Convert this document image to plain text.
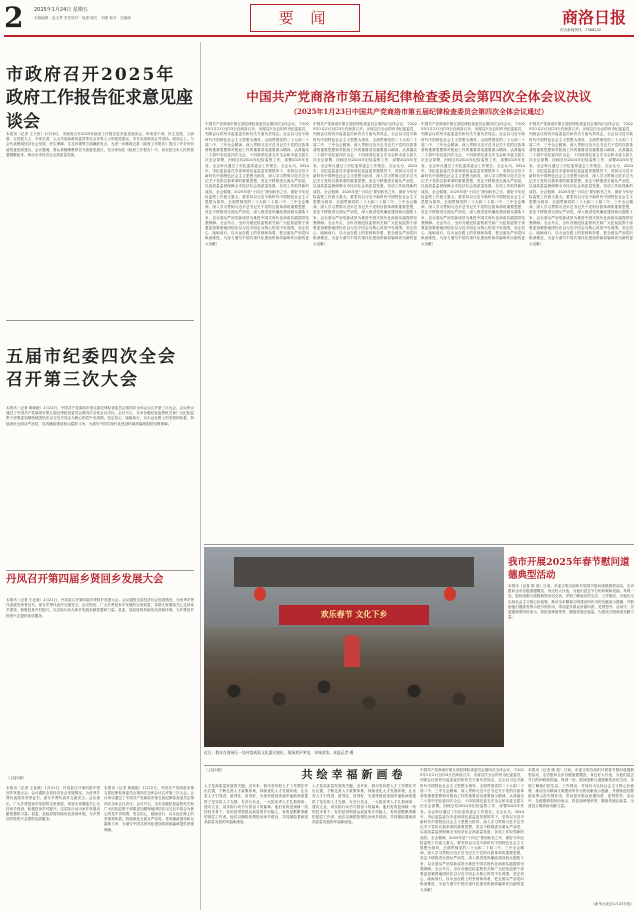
2 2025年1月24日 星期五
本版编辑：赵玉琴 责任校对：杨建 版式：刘翠 校对：宫丽丽	要 闻	商洛日报
综合新闻热线：2388232
市政府召开2025年
政府工作报告征求意见座谈会
本报讯（记者 王天形）1月20日，市政府召开2025年政府工作报告征求意见座谈会，听取老干部、民主党派、工商联、无党派人士、专家学者、人大代表和政协委员等社会各界人士的意见建议。市长出席座谈会并讲话。座谈会上，与会代表围绕经济社会发展、民生保障、生态环境等方面踊跃发言，为进一步修改完善《政府工作报告》提出了许多有价值的意见和建议。会议强调，要认真梳理吸纳各方面意见建议，充分体现在《政府工作报告》中，切实把全市人民的智慧凝聚起来，推动全市经济社会高质量发展。
五届市纪委四次全会
召开第三次大会
本报讯（记者 黄晓艳）1月22日，中国共产党商洛市第五届纪律检查委员会第四次全体会议召开第三次大会。会议审议通过了中国共产党商洛市第五届纪律检查委员会第四次全体会议决议。会议号召，全市各级纪检监察机关和广大纪检监察干部要更加紧密地团结在以习近平同志为核心的党中央周围，坚定信心、砥砺前行，以永远在路上的坚韧和执着，持续深化全面从严治党、党风廉政建设和反腐败斗争，为谱写中国式现代化建设的商洛篇章提供坚强保障。
丹凤召开第四届乡贤回乡发展大会
本报讯（记者 王征威）1月21日，丹凤县召开第四届乡贤回乡发展大会。会议通报全县经济社会发展情况，为优秀乡贤代表颁发荣誉证书，部分乡贤代表作交流发言。会议指出，广大乡贤是家乡发展的宝贵财富，希望大家继续关心支持家乡建设，积极投身乡村振兴，以实际行动为家乡发展贡献智慧和力量。县委、县政府将持续优化营商环境，为乡贤回乡投资兴业提供优质服务。
（上接1版）
本报讯（记者 王征威）1月21日，丹凤县召开第四届乡贤回乡发展大会。会议通报全县经济社会发展情况，为优秀乡贤代表颁发荣誉证书，部分乡贤代表作交流发言。会议指出，广大乡贤是家乡发展的宝贵财富，希望大家继续关心支持家乡建设，积极投身乡村振兴，以实际行动为家乡发展贡献智慧和力量。县委、县政府将持续优化营商环境，为乡贤回乡投资兴业提供优质服务。
本报讯（记者 黄晓艳）1月22日，中国共产党商洛市第五届纪律检查委员会第四次全体会议召开第三次大会。会议审议通过了中国共产党商洛市第五届纪律检查委员会第四次全体会议决议。会议号召，全市各级纪检监察机关和广大纪检监察干部要更加紧密地团结在以习近平同志为核心的党中央周围，坚定信心、砥砺前行，以永远在路上的坚韧和执着，持续深化全面从严治党、党风廉政建设和反腐败斗争，为谱写中国式现代化建设的商洛篇章提供坚强保障。
中国共产党商洛市第五届纪律检查委员会第四次全体会议决议
（2025年1月23日中国共产党商洛市第五届纪律检查委员会第四次全体会议通过）
中国共产党商洛市第五届纪律检查委员会第四次全体会议，于2025年1月21日至23日在商洛召开。出席这次全会的有市纪委委员，列席会议的有市监委委员和有关方面负责同志。全会以习近平新时代中国特色社会主义思想为指导，全面贯彻党的二十大和二十届二中、三中全会精神，深入贯彻习近平总书记关于党的自我革命的重要思想和对陕西工作的重要讲话重要指示精神，认真落实二十届中央纪委四次全会、十四届省纪委五次全会和市委五届九次全会部署，回顾总结2024年纪检监察工作，部署2025年任务。全会审议通过了市纪委常委会工作报告。全会认为，2024年，市纪委监委在市委和省纪委监委坚强领导下，坚持以习近平新时代中国特色社会主义思想为指导，深入学习贯彻习近平总书记关于党的自我革命的重要思想，坚定不移推进全面从严治党，以高质量监督保障全市经济社会高质量发展，各项工作取得新的成效。全会强调，2025年是“十四五”规划收官之年，做好今年纪检监察工作意义重大。要坚持以习近平新时代中国特色社会主义思想为指导，全面贯彻党的二十大和二十届二中、三中全会精神，深入学习贯彻习近平总书记关于党的自我革命的重要思想，坚定不移推进全面从严治党，深入推进党风廉政建设和反腐败斗争，以全面从严治党新成效为推进中国式现代化商洛实践提供坚强保障。全会号召，全市各级纪检监察机关和广大纪检监察干部要更加紧密地团结在以习近平同志为核心的党中央周围，坚定信心、砥砺前行，以永远在路上的坚韧和执着，把全面从严治党向纵深推进，为奋力谱写中国式现代化建设的商洛篇章作出新的更大贡献！
中国共产党商洛市第五届纪律检查委员会第四次全体会议，于2025年1月21日至23日在商洛召开。出席这次全会的有市纪委委员，列席会议的有市监委委员和有关方面负责同志。全会以习近平新时代中国特色社会主义思想为指导，全面贯彻党的二十大和二十届二中、三中全会精神，深入贯彻习近平总书记关于党的自我革命的重要思想和对陕西工作的重要讲话重要指示精神，认真落实二十届中央纪委四次全会、十四届省纪委五次全会和市委五届九次全会部署，回顾总结2024年纪检监察工作，部署2025年任务。全会审议通过了市纪委常委会工作报告。全会认为，2024年，市纪委监委在市委和省纪委监委坚强领导下，坚持以习近平新时代中国特色社会主义思想为指导，深入学习贯彻习近平总书记关于党的自我革命的重要思想，坚定不移推进全面从严治党，以高质量监督保障全市经济社会高质量发展，各项工作取得新的成效。全会强调，2025年是“十四五”规划收官之年，做好今年纪检监察工作意义重大。要坚持以习近平新时代中国特色社会主义思想为指导，全面贯彻党的二十大和二十届二中、三中全会精神，深入学习贯彻习近平总书记关于党的自我革命的重要思想，坚定不移推进全面从严治党，深入推进党风廉政建设和反腐败斗争，以全面从严治党新成效为推进中国式现代化商洛实践提供坚强保障。全会号召，全市各级纪检监察机关和广大纪检监察干部要更加紧密地团结在以习近平同志为核心的党中央周围，坚定信心、砥砺前行，以永远在路上的坚韧和执着，把全面从严治党向纵深推进，为奋力谱写中国式现代化建设的商洛篇章作出新的更大贡献！
中国共产党商洛市第五届纪律检查委员会第四次全体会议，于2025年1月21日至23日在商洛召开。出席这次全会的有市纪委委员，列席会议的有市监委委员和有关方面负责同志。全会以习近平新时代中国特色社会主义思想为指导，全面贯彻党的二十大和二十届二中、三中全会精神，深入贯彻习近平总书记关于党的自我革命的重要思想和对陕西工作的重要讲话重要指示精神，认真落实二十届中央纪委四次全会、十四届省纪委五次全会和市委五届九次全会部署，回顾总结2024年纪检监察工作，部署2025年任务。全会审议通过了市纪委常委会工作报告。全会认为，2024年，市纪委监委在市委和省纪委监委坚强领导下，坚持以习近平新时代中国特色社会主义思想为指导，深入学习贯彻习近平总书记关于党的自我革命的重要思想，坚定不移推进全面从严治党，以高质量监督保障全市经济社会高质量发展，各项工作取得新的成效。全会强调，2025年是“十四五”规划收官之年，做好今年纪检监察工作意义重大。要坚持以习近平新时代中国特色社会主义思想为指导，全面贯彻党的二十大和二十届二中、三中全会精神，深入学习贯彻习近平总书记关于党的自我革命的重要思想，坚定不移推进全面从严治党，深入推进党风廉政建设和反腐败斗争，以全面从严治党新成效为推进中国式现代化商洛实践提供坚强保障。全会号召，全市各级纪检监察机关和广大纪检监察干部要更加紧密地团结在以习近平同志为核心的党中央周围，坚定信心、砥砺前行，以永远在路上的坚韧和执着，把全面从严治党向纵深推进，为奋力谱写中国式现代化建设的商洛篇章作出新的更大贡献！
中国共产党商洛市第五届纪律检查委员会第四次全体会议，于2025年1月21日至23日在商洛召开。出席这次全会的有市纪委委员，列席会议的有市监委委员和有关方面负责同志。全会以习近平新时代中国特色社会主义思想为指导，全面贯彻党的二十大和二十届二中、三中全会精神，深入贯彻习近平总书记关于党的自我革命的重要思想和对陕西工作的重要讲话重要指示精神，认真落实二十届中央纪委四次全会、十四届省纪委五次全会和市委五届九次全会部署，回顾总结2024年纪检监察工作，部署2025年任务。全会审议通过了市纪委常委会工作报告。全会认为，2024年，市纪委监委在市委和省纪委监委坚强领导下，坚持以习近平新时代中国特色社会主义思想为指导，深入学习贯彻习近平总书记关于党的自我革命的重要思想，坚定不移推进全面从严治党，以高质量监督保障全市经济社会高质量发展，各项工作取得新的成效。全会强调，2025年是“十四五”规划收官之年，做好今年纪检监察工作意义重大。要坚持以习近平新时代中国特色社会主义思想为指导，全面贯彻党的二十大和二十届二中、三中全会精神，深入学习贯彻习近平总书记关于党的自我革命的重要思想，坚定不移推进全面从严治党，深入推进党风廉政建设和反腐败斗争，以全面从严治党新成效为推进中国式现代化商洛实践提供坚强保障。全会号召，全市各级纪检监察机关和广大纪检监察干部要更加紧密地团结在以习近平同志为核心的党中央周围，坚定信心、砥砺前行，以永远在路上的坚韧和执着，把全面从严治党向纵深推进，为奋力谱写中国式现代化建设的商洛篇章作出新的更大贡献！
欢乐春节 文化下乡
近日，群众在商州区一处村落观看文化惠民演出，现场欢声笑语，年味浓浓。本报记者 摄
我市开展2025年春节慰问道德典型活动
本报讯（记者 陈 波）日前，市委文明办组织开展春节慰问道德典型活动，走访慰问全市各级道德模范、身边好人代表，为他们送去节日的问候和祝福。每到一处，慰问组都与道德典型亲切交谈，详细了解他们的生活、工作情况，对他们为弘扬社会主义核心价值观、推动全市精神文明建设所作出的贡献表示感谢，并鼓励他们继续发挥示范引领作用，带动更多群众崇德向善、见贤思齐。活动中，各道德典型纷纷表示，将倍加珍惜荣誉，继续传递正能量，为建设文明商洛贡献力量。
共绘幸福新画卷
（上接1版）
人才是高质量发展的关键。近年来，我市坚持把人才工作摆在突出位置，不断完善人才政策体系，持续优化人才发展环境，让各类人才引得进、留得住、用得好，为加快建设美丽幸福新商洛提供了坚实的人才支撑。在各行各业，一大批优秀人才扎根商洛、建功立业，用实际行动书写着奋斗的篇章。他们有的是深耕一线的技术骨干，有的是带领群众致富的乡村能人，有的是默默奉献的基层工作者，他们以满腔热情投身家乡建设，共同描绘着商洛高质量发展的幸福新画卷。
人才是高质量发展的关键。近年来，我市坚持把人才工作摆在突出位置，不断完善人才政策体系，持续优化人才发展环境，让各类人才引得进、留得住、用得好，为加快建设美丽幸福新商洛提供了坚实的人才支撑。在各行各业，一大批优秀人才扎根商洛、建功立业，用实际行动书写着奋斗的篇章。他们有的是深耕一线的技术骨干，有的是带领群众致富的乡村能人，有的是默默奉献的基层工作者，他们以满腔热情投身家乡建设，共同描绘着商洛高质量发展的幸福新画卷。
中国共产党商洛市第五届纪律检查委员会第四次全体会议，于2025年1月21日至23日在商洛召开。出席这次全会的有市纪委委员，列席会议的有市监委委员和有关方面负责同志。全会以习近平新时代中国特色社会主义思想为指导，全面贯彻党的二十大和二十届二中、三中全会精神，深入贯彻习近平总书记关于党的自我革命的重要思想和对陕西工作的重要讲话重要指示精神，认真落实二十届中央纪委四次全会、十四届省纪委五次全会和市委五届九次全会部署，回顾总结2024年纪检监察工作，部署2025年任务。全会审议通过了市纪委常委会工作报告。全会认为，2024年，市纪委监委在市委和省纪委监委坚强领导下，坚持以习近平新时代中国特色社会主义思想为指导，深入学习贯彻习近平总书记关于党的自我革命的重要思想，坚定不移推进全面从严治党，以高质量监督保障全市经济社会高质量发展，各项工作取得新的成效。全会强调，2025年是“十四五”规划收官之年，做好今年纪检监察工作意义重大。要坚持以习近平新时代中国特色社会主义思想为指导，全面贯彻党的二十大和二十届二中、三中全会精神，深入学习贯彻习近平总书记关于党的自我革命的重要思想，坚定不移推进全面从严治党，深入推进党风廉政建设和反腐败斗争，以全面从严治党新成效为推进中国式现代化商洛实践提供坚强保障。全会号召，全市各级纪检监察机关和广大纪检监察干部要更加紧密地团结在以习近平同志为核心的党中央周围，坚定信心、砥砺前行，以永远在路上的坚韧和执着，把全面从严治党向纵深推进，为奋力谱写中国式现代化建设的商洛篇章作出新的更大贡献！
本报讯（记者 陈 波）日前，市委文明办组织开展春节慰问道德典型活动，走访慰问全市各级道德模范、身边好人代表，为他们送去节日的问候和祝福。每到一处，慰问组都与道德典型亲切交谈，详细了解他们的生活、工作情况，对他们为弘扬社会主义核心价值观、推动全市精神文明建设所作出的贡献表示感谢，并鼓励他们继续发挥示范引领作用，带动更多群众崇德向善、见贤思齐。活动中，各道德典型纷纷表示，将倍加珍惜荣誉，继续传递正能量，为建设文明商洛贡献力量。
（新华社北京1月23日电）
